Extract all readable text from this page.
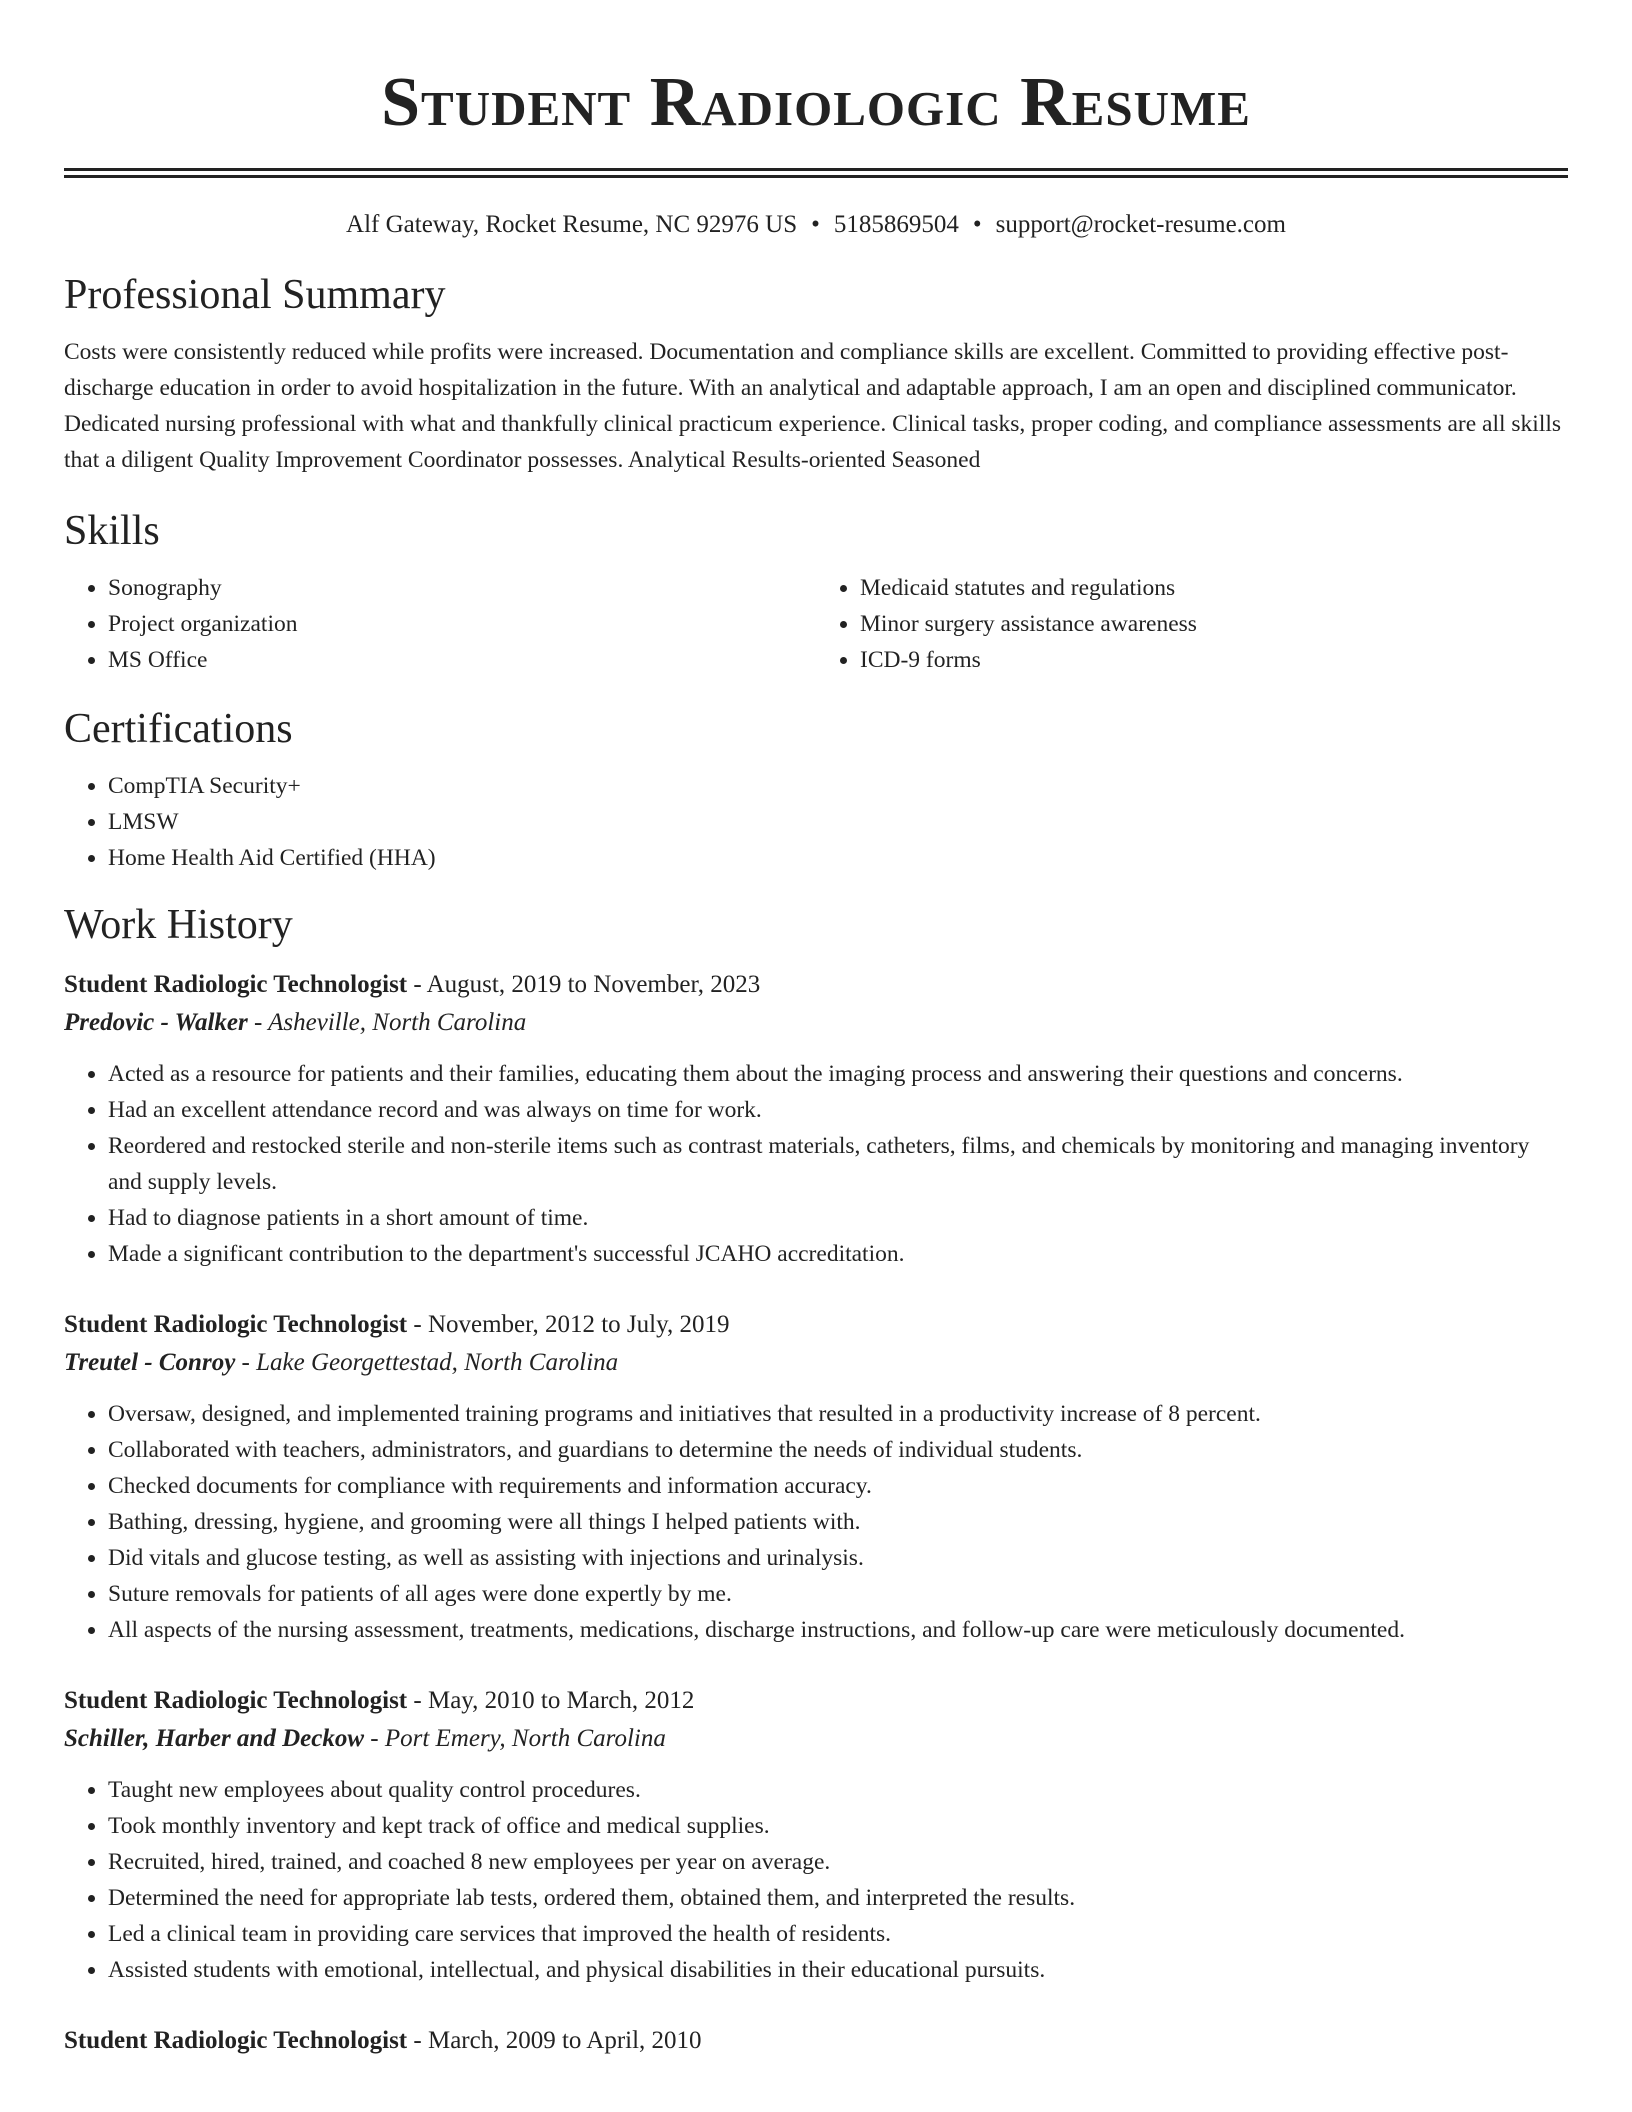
Student Radiologic Resume
Alf Gateway, Rocket Resume, NC 92976 US • 5185869504 • support@rocket-resume.com
Professional Summary
Costs were consistently reduced while profits were increased. Documentation and compliance skills are excellent. Committed to providing effective post-discharge education in order to avoid hospitalization in the future. With an analytical and adaptable approach, I am an open and disciplined communicator. Dedicated nursing professional with what and thankfully clinical practicum experience. Clinical tasks, proper coding, and compliance assessments are all skills that a diligent Quality Improvement Coordinator possesses. Analytical Results-oriented Seasoned
Skills
• Sonography
• Project organization
• MS Office
• Medicaid statutes and regulations
• Minor surgery assistance awareness
• ICD-9 forms
Certifications
• CompTIA Security+
• LMSW
• Home Health Aid Certified (HHA)
Work History
Student Radiologic Technologist - August, 2019 to November, 2023
Predovic - Walker - Asheville, North Carolina
• Acted as a resource for patients and their families, educating them about the imaging process and answering their questions and concerns.
• Had an excellent attendance record and was always on time for work.
• Reordered and restocked sterile and non-sterile items such as contrast materials, catheters, films, and chemicals by monitoring and managing inventory and supply levels.
• Had to diagnose patients in a short amount of time.
• Made a significant contribution to the department's successful JCAHO accreditation.
Student Radiologic Technologist - November, 2012 to July, 2019
Treutel - Conroy - Lake Georgettestad, North Carolina
• Oversaw, designed, and implemented training programs and initiatives that resulted in a productivity increase of 8 percent.
• Collaborated with teachers, administrators, and guardians to determine the needs of individual students.
• Checked documents for compliance with requirements and information accuracy.
• Bathing, dressing, hygiene, and grooming were all things I helped patients with.
• Did vitals and glucose testing, as well as assisting with injections and urinalysis.
• Suture removals for patients of all ages were done expertly by me.
• All aspects of the nursing assessment, treatments, medications, discharge instructions, and follow-up care were meticulously documented.
Student Radiologic Technologist - May, 2010 to March, 2012
Schiller, Harber and Deckow - Port Emery, North Carolina
• Taught new employees about quality control procedures.
• Took monthly inventory and kept track of office and medical supplies.
• Recruited, hired, trained, and coached 8 new employees per year on average.
• Determined the need for appropriate lab tests, ordered them, obtained them, and interpreted the results.
• Led a clinical team in providing care services that improved the health of residents.
• Assisted students with emotional, intellectual, and physical disabilities in their educational pursuits.
Student Radiologic Technologist - March, 2009 to April, 2010
